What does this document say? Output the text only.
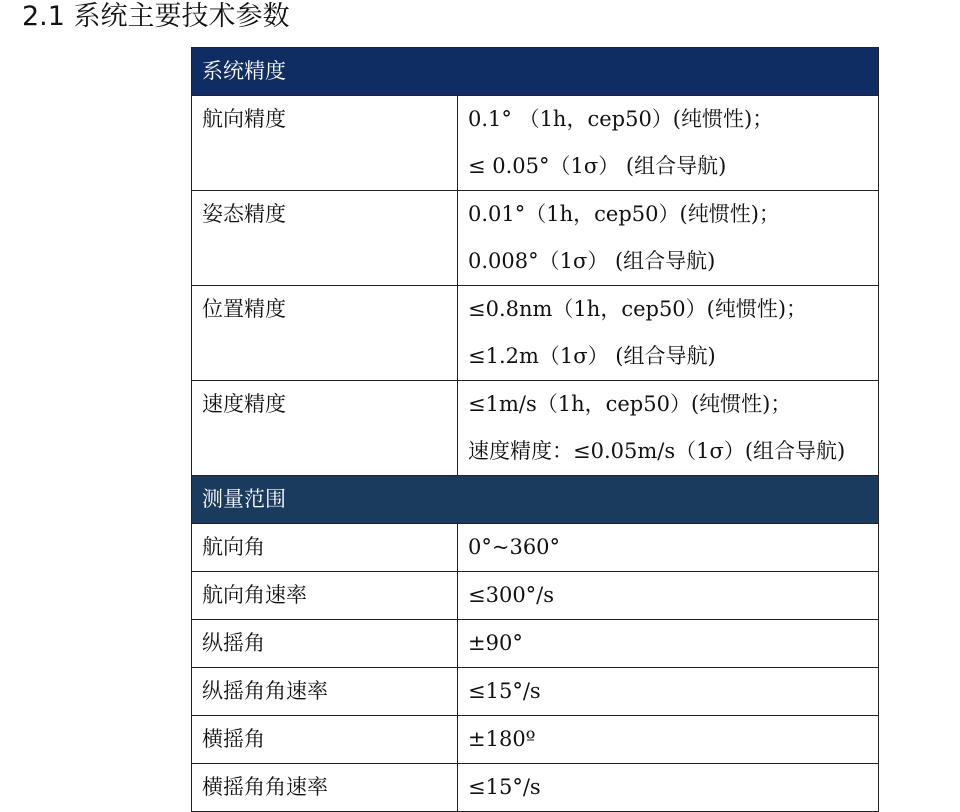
2.1 系统主要技术参数
系统精度	
航向精度	0.1° （1h，cep50）(纯惯性)；
≤ 0.05°（1σ） (组合导航)

姿态精度	0.01°（1h，cep50）(纯惯性)；
0.008°（1σ） (组合导航)

位置精度	≤0.8nm（1h，cep50）(纯惯性)；
≤1.2m（1σ） (组合导航)

速度精度	≤1m/s（1h，cep50）(纯惯性)；
速度精度：≤0.05m/s（1σ）(组合导航)

测量范围	
航向角	0°~360°
航向角速率	≤300°/s
纵摇角	±90°
纵摇角角速率	≤15°/s
横摇角	±180º
横摇角角速率	≤15°/s
